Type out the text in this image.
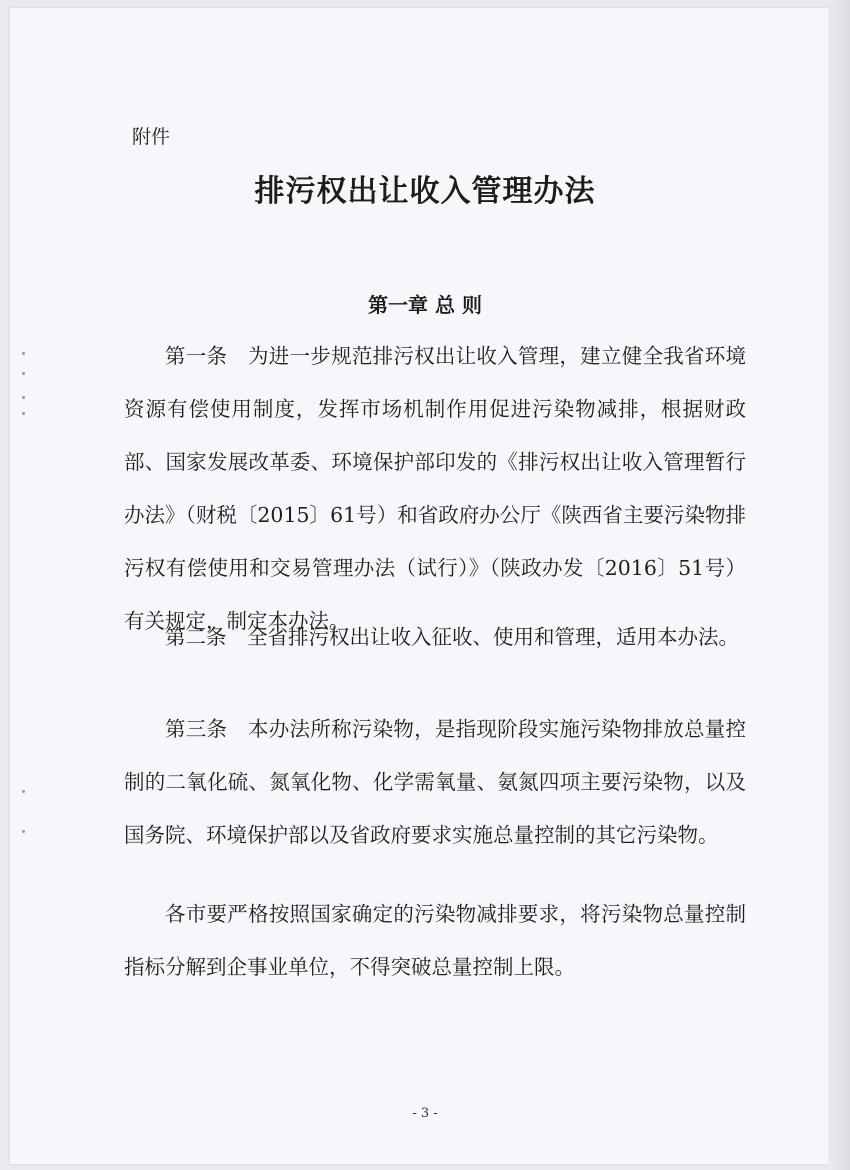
附件
排污权出让收入管理办法
第一章 总 则
第一条　为进一步规范排污权出让收入管理，建立健全我省环境资源有偿使用制度，发挥市场机制作用促进污染物减排，根据财政部、国家发展改革委、环境保护部印发的《排污权出让收入管理暂行办法》（财税〔2015〕61号）和省政府办公厅《陕西省主要污染物排污权有偿使用和交易管理办法（试行）》（陕政办发〔2016〕51号）有关规定，制定本办法。
第二条　全省排污权出让收入征收、使用和管理，适用本办法。
第三条　本办法所称污染物，是指现阶段实施污染物排放总量控制的二氧化硫、氮氧化物、化学需氧量、氨氮四项主要污染物，以及国务院、环境保护部以及省政府要求实施总量控制的其它污染物。
各市要严格按照国家确定的污染物减排要求，将污染物总量控制指标分解到企事业单位，不得突破总量控制上限。
- 3 -
